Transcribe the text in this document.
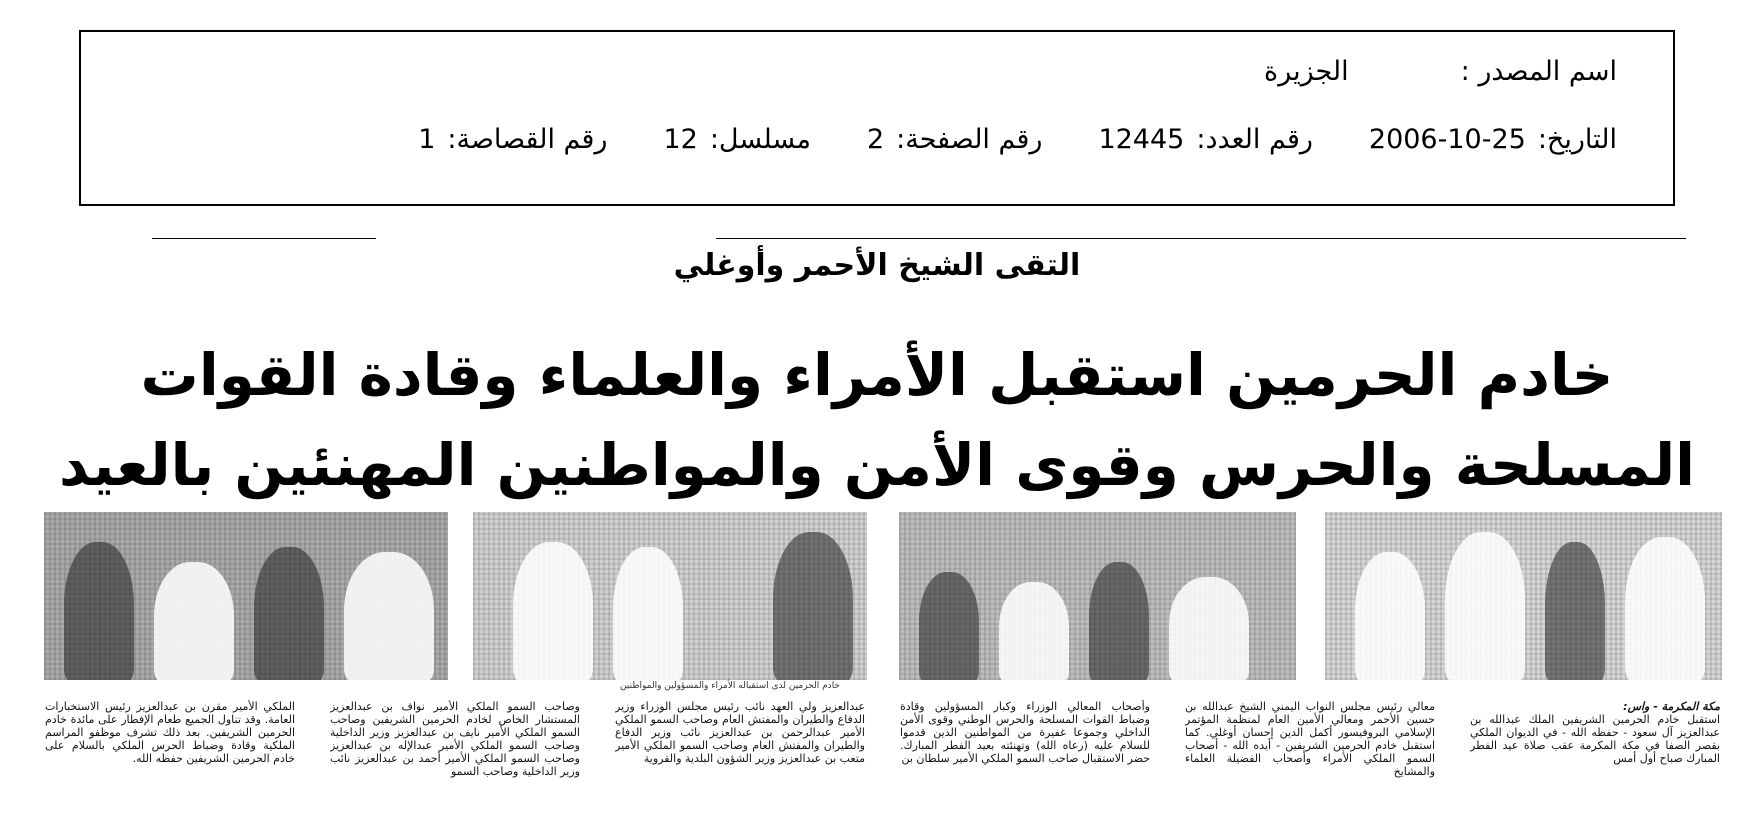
اسم المصدر :
الجزيرة
التاريخ:
2006-10-25
رقم العدد:
12445
رقم الصفحة:
2
مسلسل:
12
رقم القصاصة:
1
التقى الشيخ الأحمر وأوغلي
خادم الحرمين استقبل الأمراء والعلماء وقادة القوات
المسلحة والحرس وقوى الأمن والمواطنين المهنئين بالعيد
خادم الحرمين لدى استقباله الأمراء والمسؤولين والمواطنين
مكة المكرمة - واس:
استقبل خادم الحرمين الشريفين الملك عبدالله بن عبدالعزيز آل سعود - حفظه الله - في الديوان الملكي بقصر الصفا في مكة المكرمة عقب صلاة عيد الفطر المبارك صباح أول أمس
معالي رئيس مجلس النواب اليمني الشيخ عبدالله بن حسين الأحمر ومعالي الأمين العام لمنظمة المؤتمر الإسلامي البروفيسور أكمل الدين إحسان أوغلي. كما استقبل خادم الحرمين الشريفين - أيده الله - أصحاب السمو الملكي الأمراء وأصحاب الفضيلة العلماء والمشايخ
وأصحاب المعالي الوزراء وكبار المسؤولين وقادة وضباط القوات المسلحة والحرس الوطني وقوى الأمن الداخلي وجموعا غفيرة من المواطنين الذين قدموا للسلام عليه (رعاه الله) وتهنئته بعيد الفطر المبارك. حضر الاستقبال صاحب السمو الملكي الأمير سلطان بن
عبدالعزيز ولي العهد نائب رئيس مجلس الوزراء وزير الدفاع والطيران والمفتش العام وصاحب السمو الملكي الأمير عبدالرحمن بن عبدالعزيز نائب وزير الدفاع والطيران والمفتش العام وصاحب السمو الملكي الأمير متعب بن عبدالعزيز وزير الشؤون البلدية والقروية
وصاحب السمو الملكي الأمير نواف بن عبدالعزيز المستشار الخاص لخادم الحرمين الشريفين وصاحب السمو الملكي الأمير نايف بن عبدالعزيز وزير الداخلية وصاحب السمو الملكي الأمير عبدالإله بن عبدالعزيز وصاحب السمو الملكي الأمير أحمد بن عبدالعزيز نائب وزير الداخلية وصاحب السمو
الملكي الأمير مقرن بن عبدالعزيز رئيس الاستخبارات العامة. وقد تناول الجميع طعام الإفطار على مائدة خادم الحرمين الشريفين. بعد ذلك تشرف موظفو المراسم الملكية وقادة وضباط الحرس الملكي بالسلام على خادم الحرمين الشريفين حفظه الله.
